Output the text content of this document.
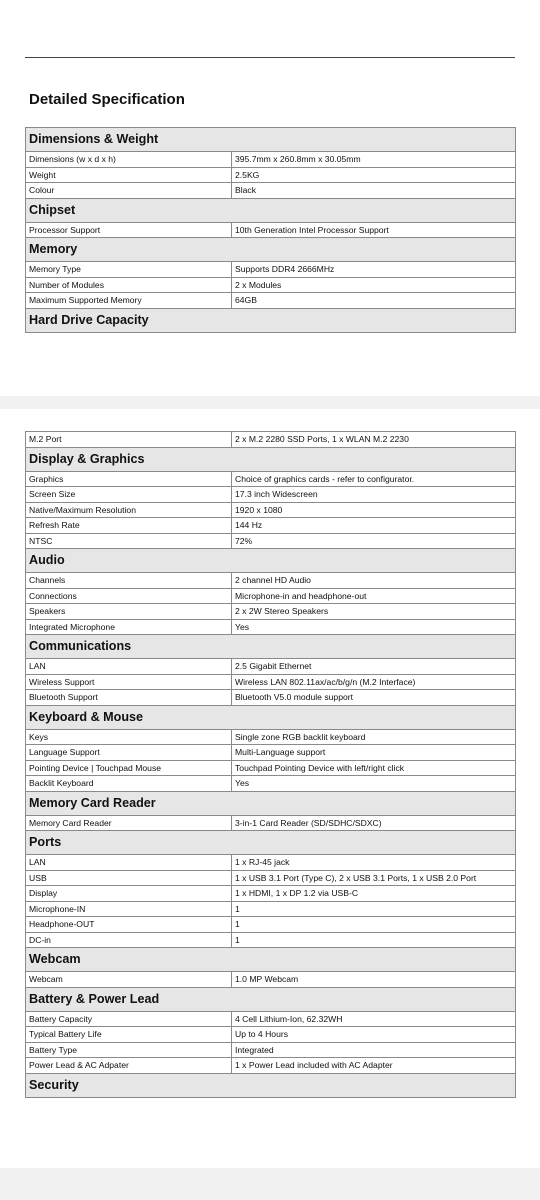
Detailed Specification
Dimensions & Weight	
Dimensions (w x d x h)	395.7mm x 260.8mm x 30.05mm
Weight	2.5KG
Colour	Black
Chipset	
Processor Support	10th Generation Intel Processor Support
Memory	
Memory Type	Supports DDR4 2666MHz
Number of Modules	2 x Modules
Maximum Supported Memory	64GB
Hard Drive Capacity	
M.2 Port	2 x M.2 2280 SSD Ports, 1 x WLAN M.2 2230
Display & Graphics	
Graphics	Choice of graphics cards - refer to configurator.
Screen Size	17.3 inch Widescreen
Native/Maximum Resolution	1920 x 1080
Refresh Rate	144 Hz
NTSC	72%
Audio	
Channels	2 channel HD Audio
Connections	Microphone-in and headphone-out
Speakers	2 x 2W Stereo Speakers
Integrated Microphone	Yes
Communications	
LAN	2.5 Gigabit Ethernet
Wireless Support	Wireless LAN 802.11ax/ac/b/g/n (M.2 Interface)
Bluetooth Support	Bluetooth V5.0 module support
Keyboard & Mouse	
Keys	Single zone RGB backlit keyboard
Language Support	Multi-Language support
Pointing Device | Touchpad Mouse	Touchpad Pointing Device with left/right click
Backlit Keyboard	Yes
Memory Card Reader	
Memory Card Reader	3-in-1 Card Reader (SD/SDHC/SDXC)
Ports	
LAN	1 x RJ-45 jack
USB	1 x USB 3.1 Port (Type C), 2 x USB 3.1 Ports, 1 x USB 2.0 Port
Display	1 x HDMI, 1 x DP 1.2 via USB-C
Microphone-IN	1
Headphone-OUT	1
DC-in	1
Webcam	
Webcam	1.0 MP Webcam
Battery & Power Lead	
Battery Capacity	4 Cell Lithium-Ion, 62.32WH
Typical Battery Life	Up to 4 Hours
Battery Type	Integrated
Power Lead & AC Adpater	1 x Power Lead included with AC Adapter
Security	
